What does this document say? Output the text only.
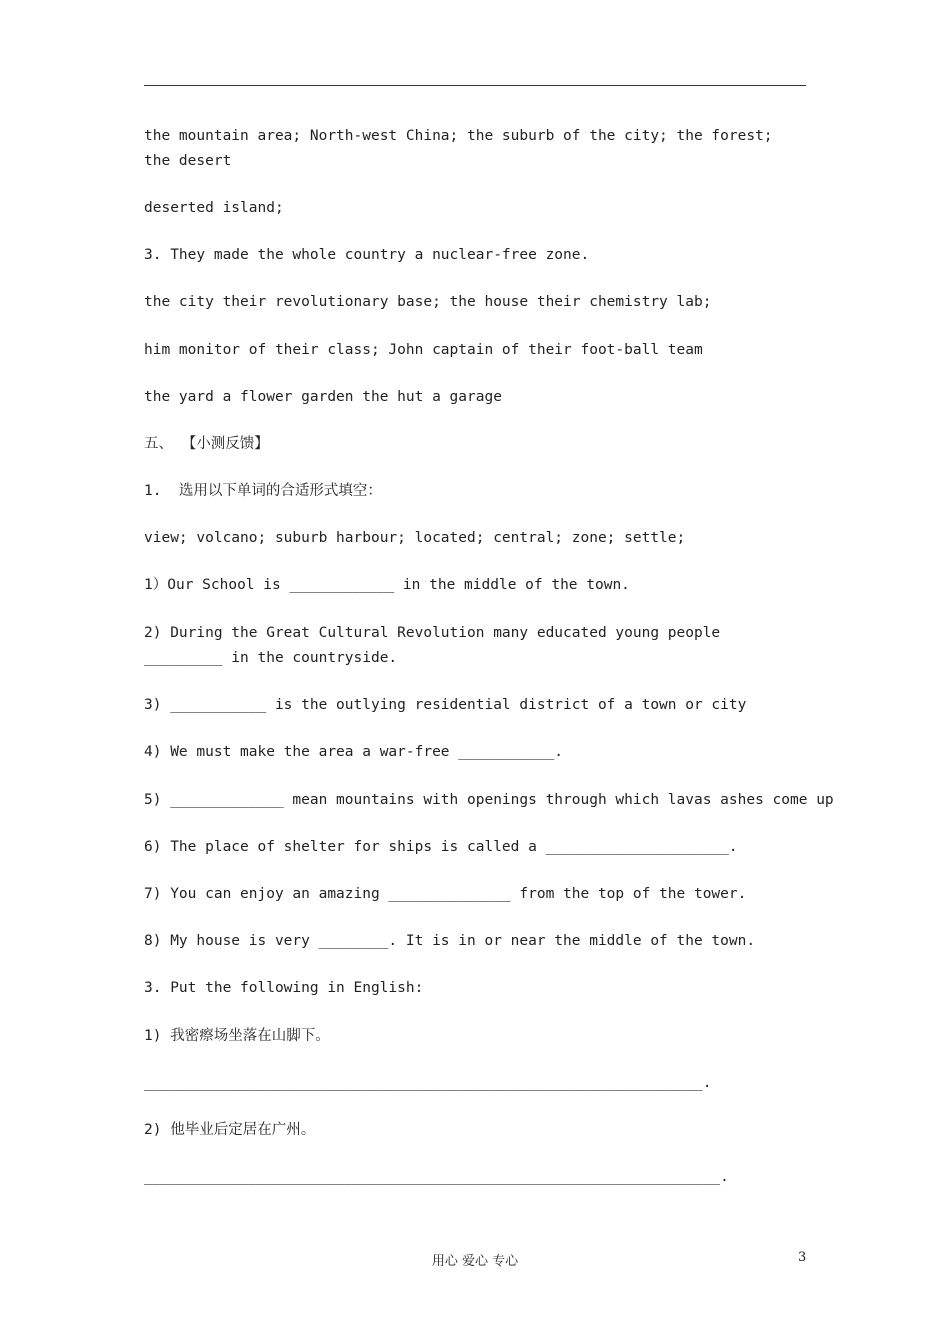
the mountain area; North-west China; the suburb of the city; the forest; the desert
deserted island;
3. They made the whole country a nuclear-free zone.
the city their revolutionary base; the house their chemistry lab;
him monitor of their class; John captain of their foot-ball team
the yard a flower garden the hut a garage
五、 【小测反馈】
1.  选用以下单词的合适形式填空：
view; volcano; suburb harbour; located; central; zone; settle;
1）Our School is ____________ in the middle of the town.
2) During the Great Cultural Revolution many educated young people _________ in the countryside.
3) ___________ is the outlying residential district of a town or city
4) We must make the area a war-free ___________.
5) _____________ mean mountains with openings through which lavas ashes come up
6) The place of shelter for ships is called a _____________________.
7) You can enjoy an amazing ______________ from the top of the tower.
8) My house is very ________. It is in or near the middle of the town.
3. Put the following in English:
1) 我密瘵场坐落在山脚下。
________________________________________________________________.
2) 他毕业后定居在广州。
__________________________________________________________________.
用心 爱心 专心	3
